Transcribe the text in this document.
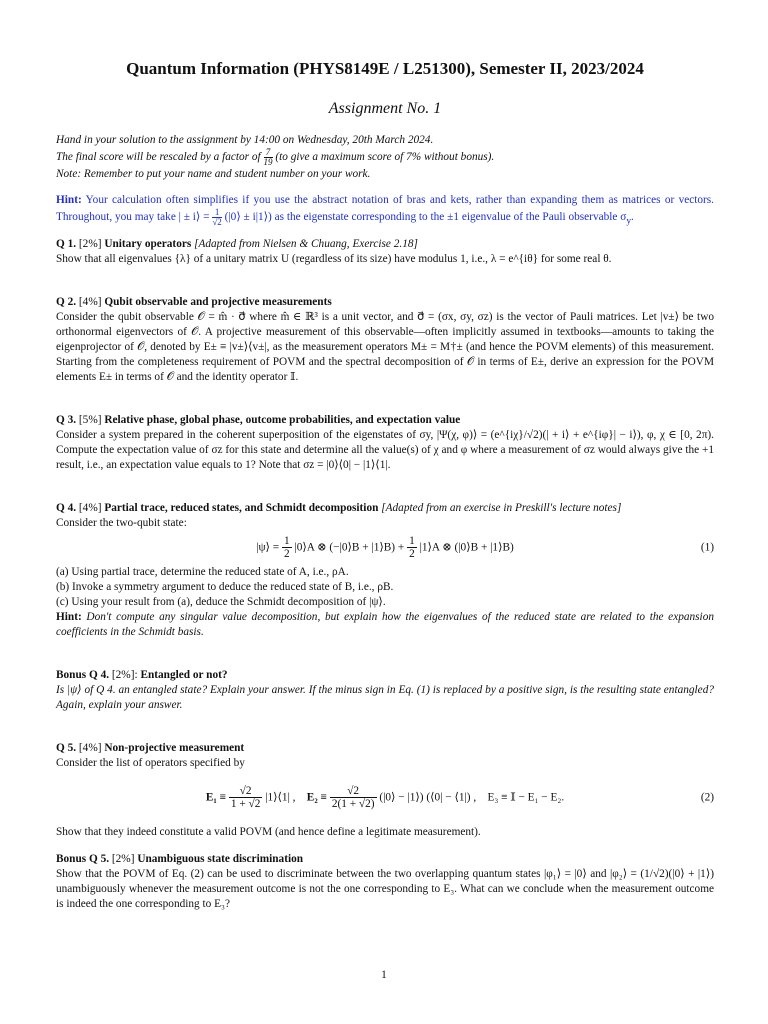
Quantum Information (PHYS8149E / L251300), Semester II, 2023/2024
Assignment No. 1
Hand in your solution to the assignment by 14:00 on Wednesday, 20th March 2024.
The final score will be rescaled by a factor of $\frac{7}{19} (to$ give a maximum score of 7% without bonus).
Note: Remember to put your name and student number on your work.
Hint: Your calculation often simplifies if you use the abstract notation of bras and kets, rather than expanding them as matrices or vectors. Throughout, you may take | ± i⟩ = $\frac{1}{√2}$ (|0⟩ ± i|1⟩) as the eigenstate corresponding to the ±1 eigenvalue of the Pauli observable $\sigma_y$.
Q 1. [2%] Unitary operators [Adapted from Nielsen & Chuang, Exercise 2.18]
Show that all eigenvalues {λ} of a unitary matrix U (regardless of its size) have modulus 1, i.e., λ = e^{iθ} for some real θ.
Q 2. [4%] Qubit observable and projective measurements
Consider the qubit observable 𝒪 = m̂ · σ⃗ where m̂ ∈ ℝ³ is a unit vector, and σ⃗ = (σx, σy, σz) is the vector of Pauli matrices. Let |v±⟩ be two orthonormal eigenvectors of 𝒪. A projective measurement of this observable—often implicitly assumed in textbooks—amounts to taking the eigenprojector of 𝒪, denoted by E± ≡ |v±⟩⟨v±|, as the measurement operators M± = M†± (and hence the POVM elements) of this measurement. Starting from the completeness requirement of POVM and the spectral decomposition of 𝒪 in terms of E±, derive an expression for the POVM elements E± in terms of 𝒪 and the identity operator 𝕀.
Q 3. [5%] Relative phase, global phase, outcome probabilities, and expectation value
Consider a system prepared in the coherent superposition of the eigenstates of σy, |Ψ(χ, φ)⟩ = (e^{iχ}/√2)(| + i⟩ + e^{iφ}| − i⟩), φ, χ ∈ [0, 2π). Compute the expectation value of σz for this state and determine all the value(s) of χ and φ where a measurement of σz would always give the +1 result, i.e., an expectation value equals to 1? Note that σz = |0⟩⟨0| − |1⟩⟨1|.
Q 4. [4%] Partial trace, reduced states, and Schmidt decomposition [Adapted from an exercise in Preskill's lecture notes]
Consider the two-qubit state:
|ψ⟩ = $\frac{1}{2}$ |0⟩A ⊗ (−|0⟩B + |1⟩B) + $\frac{1}{2}$ |1⟩A ⊗ (|0⟩B + |1⟩B)	(1)
(a) Using partial trace, determine the reduced state of A, i.e., ρA.
(b) Invoke a symmetry argument to deduce the reduced state of B, i.e., ρB.
(c) Using your result from (a), deduce the Schmidt decomposition of |ψ⟩.
Hint: Don't compute any singular value decomposition, but explain how the eigenvalues of the reduced state are related to the expansion coefficients in the Schmidt basis.
Bonus Q 4. [2%]: Entangled or not?
Is |ψ⟩ of Q 4. an entangled state? Explain your answer. If the minus sign in Eq. (1) is replaced by a positive sign, is the resulting state entangled? Again, explain your answer.
Q 5. [4%] Non-projective measurement
Consider the list of operators specified by
$E_1 \equiv \frac{√2}{1 + √2}$ |1⟩⟨1| , $E_2 \equiv \frac{√2}{2(1 + √2)}$ (|0⟩ − |1⟩) (⟨0| − ⟨1|) , E₃ ≡ 𝕀 − E₁ − E₂.	(2)
Show that they indeed constitute a valid POVM (and hence define a legitimate measurement).
Bonus Q 5. [2%] Unambiguous state discrimination
Show that the POVM of Eq. (2) can be used to discriminate between the two overlapping quantum states |φ₁⟩ = |0⟩ and |φ₂⟩ = (1/√2)(|0⟩ + |1⟩) unambiguously whenever the measurement outcome is not the one corresponding to E₃. What can we conclude when the measurement outcome is indeed the one corresponding to E₃?
1
